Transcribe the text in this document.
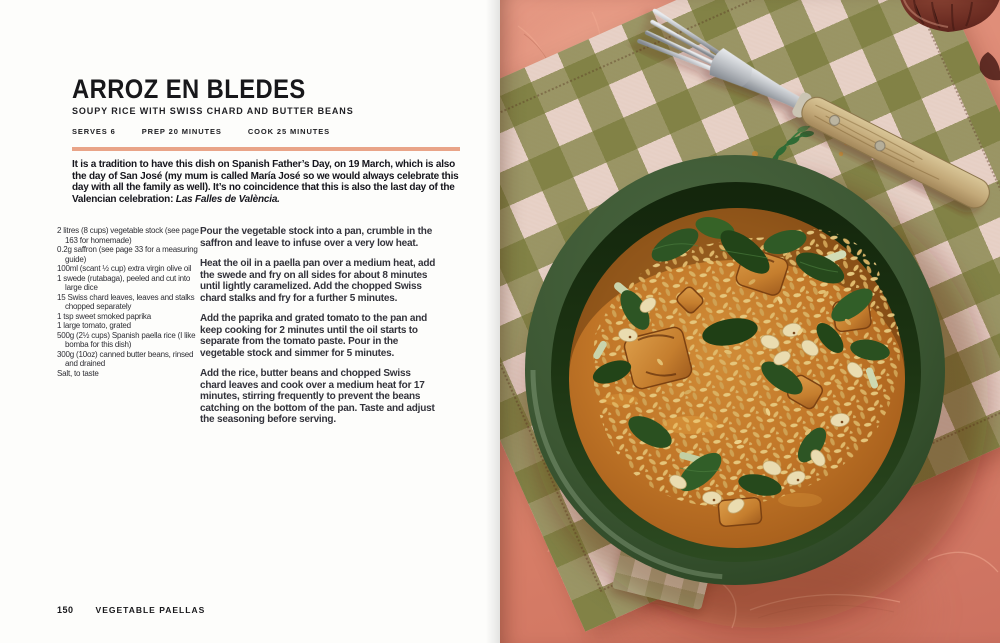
ARROZ EN BLEDES
SOUPY RICE WITH SWISS CHARD AND BUTTER BEANS
SERVES 6	PREP 20 MINUTES	COOK 25 MINUTES
It is a tradition to have this dish on Spanish Father’s Day, on 19 March, which is also the day of San José (my mum is called María José so we would always celebrate this day with all the family as well). It’s no coincidence that this is also the last day of the Valencian celebration: Las Falles de València.
2 litres (8 cups) vegetable stock (see page 163 for homemade)
0.2g saffron (see page 33 for a measuring guide)
100ml (scant ½ cup) extra virgin olive oil
1 swede (rutabaga), peeled and cut into large dice
15 Swiss chard leaves, leaves and stalks chopped separately
1 tsp sweet smoked paprika
1 large tomato, grated
500g (2½ cups) Spanish paella rice (I like bomba for this dish)
300g (10oz) canned butter beans, rinsed and drained
Salt, to taste

Pour the vegetable stock into a pan, crumble in the saffron and leave to infuse over a very low heat.

Heat the oil in a paella pan over a medium heat, add the swede and fry on all sides for about 8 minutes until lightly caramelized. Add the chopped Swiss chard stalks and fry for a further 5 minutes.

Add the paprika and grated tomato to the pan and keep cooking for 2 minutes until the oil starts to separate from the tomato paste. Pour in the vegetable stock and simmer for 5 minutes.

Add the rice, butter beans and chopped Swiss chard leaves and cook over a medium heat for 17 minutes, stirring frequently to prevent the beans catching on the bottom of the pan. Taste and adjust the seasoning before serving.

150	VEGETABLE PAELLAS
